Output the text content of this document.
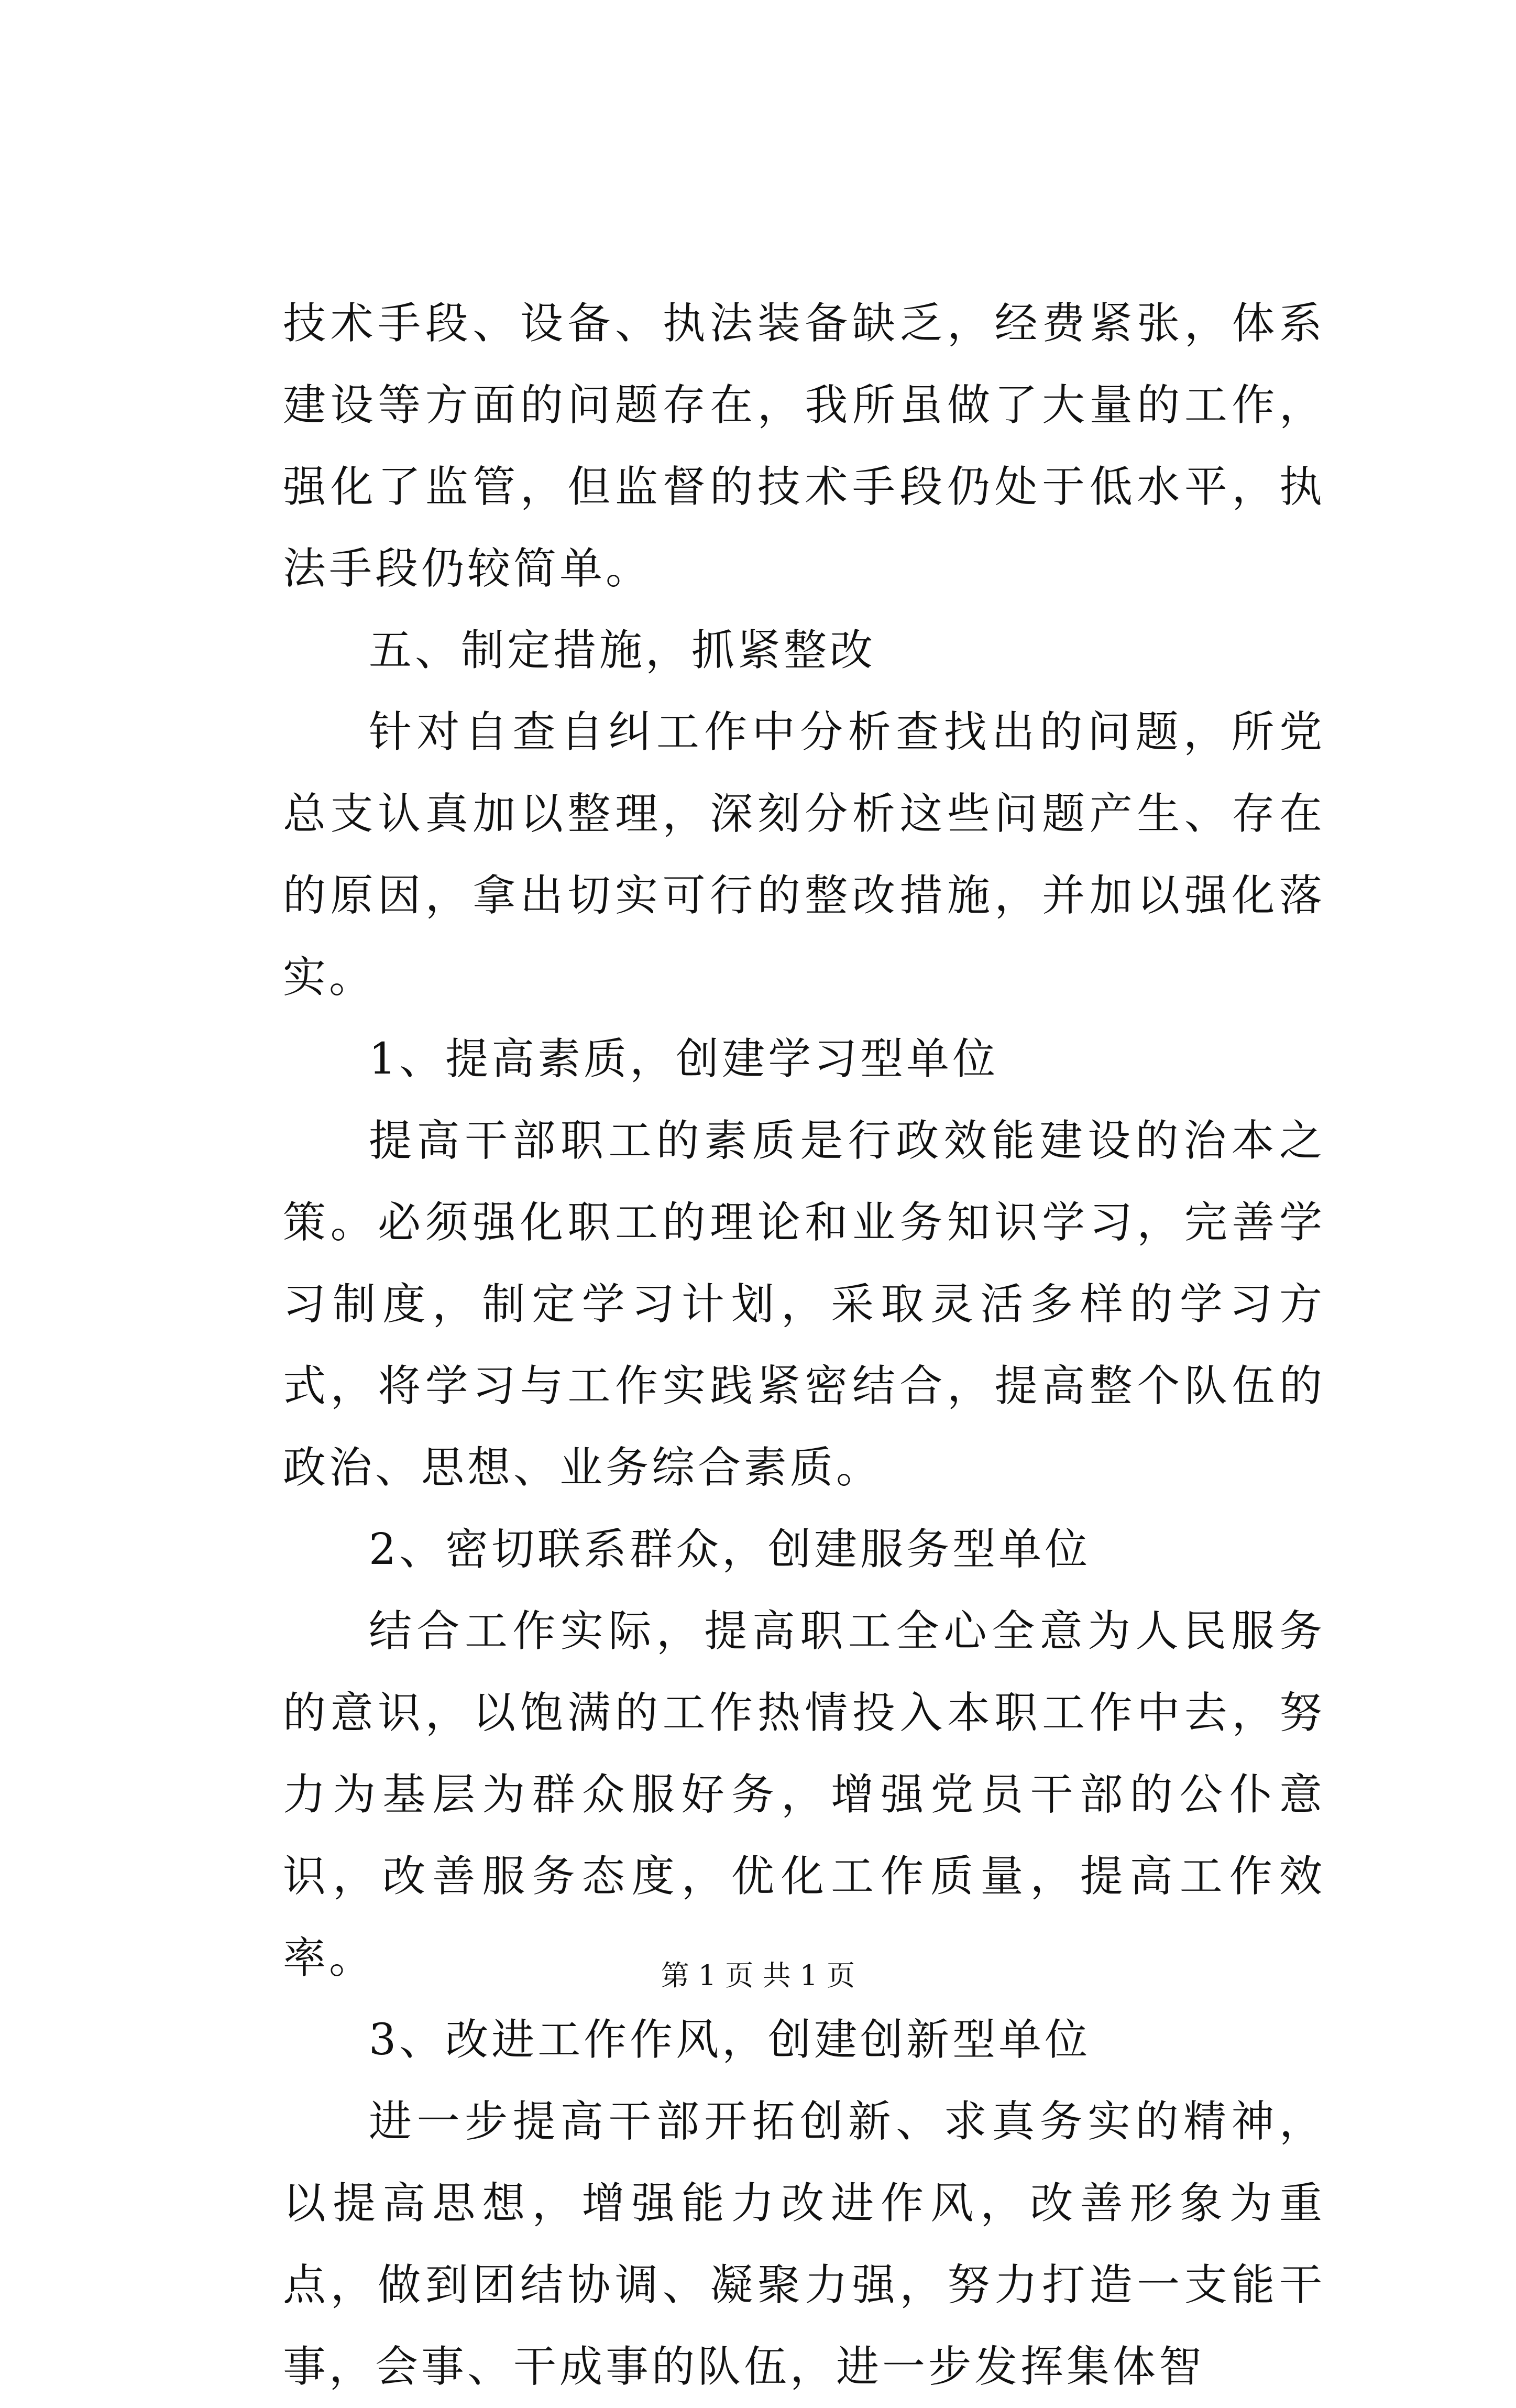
技术手段、设备、执法装备缺乏，经费紧张，体系建设等方面的问题存在，我所虽做了大量的工作，强化了监管，但监督的技术手段仍处于低水平，执法手段仍较简单。

五、制定措施，抓紧整改

针对自查自纠工作中分析查找出的问题，所党总支认真加以整理，深刻分析这些问题产生、存在的原因，拿出切实可行的整改措施，并加以强化落实。

1、提高素质，创建学习型单位

提高干部职工的素质是行政效能建设的治本之策。必须强化职工的理论和业务知识学习，完善学习制度，制定学习计划，采取灵活多样的学习方式，将学习与工作实践紧密结合，提高整个队伍的政治、思想、业务综合素质。

2、密切联系群众，创建服务型单位

结合工作实际，提高职工全心全意为人民服务的意识，以饱满的工作热情投入本职工作中去，努力为基层为群众服好务，增强党员干部的公仆意识，改善服务态度，优化工作质量，提高工作效率。

3、改进工作作风，创建创新型单位

进一步提高干部开拓创新、求真务实的精神，以提高思想，增强能力改进作风，改善形象为重点，做到团结协调、凝聚力强，努力打造一支能干事，会事、干成事的队伍，进一步发挥集体智

第 1 页 共 1 页
